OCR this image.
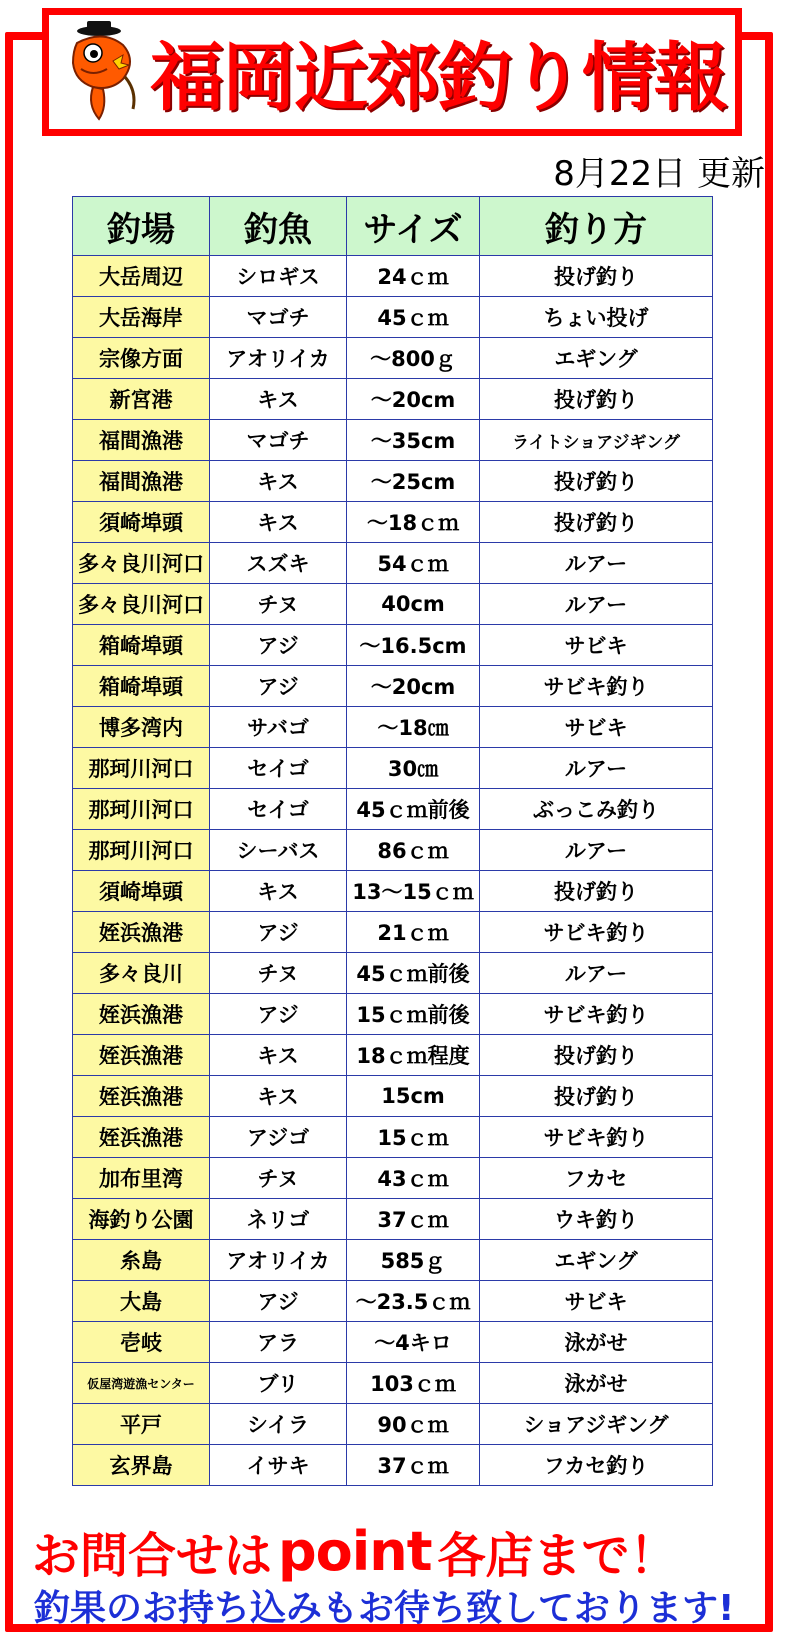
福岡近郊釣り情報
8月22日 更新
釣場	釣魚	サイズ	釣り方
大岳周辺	シロギス	24ｃｍ	投げ釣り
大岳海岸	マゴチ	45ｃｍ	ちょい投げ
宗像方面	アオリイカ	～800ｇ	エギング
新宮港	キス	～20cm	投げ釣り
福間漁港	マゴチ	～35cm	ライトショアジギング
福間漁港	キス	～25cm	投げ釣り
須崎埠頭	キス	～18ｃｍ	投げ釣り
多々良川河口	スズキ	54ｃｍ	ルアー
多々良川河口	チヌ	40cm	ルアー
箱崎埠頭	アジ	～16.5cm	サビキ
箱崎埠頭	アジ	～20cm	サビキ釣り
博多湾内	サバゴ	～18㎝	サビキ
那珂川河口	セイゴ	30㎝	ルアー
那珂川河口	セイゴ	45ｃｍ前後	ぶっこみ釣り
那珂川河口	シーバス	86ｃｍ	ルアー
須崎埠頭	キス	13～15ｃｍ	投げ釣り
姪浜漁港	アジ	21ｃｍ	サビキ釣り
多々良川	チヌ	45ｃｍ前後	ルアー
姪浜漁港	アジ	15ｃｍ前後	サビキ釣り
姪浜漁港	キス	18ｃｍ程度	投げ釣り
姪浜漁港	キス	15cm	投げ釣り
姪浜漁港	アジゴ	15ｃｍ	サビキ釣り
加布里湾	チヌ	43ｃｍ	フカセ
海釣り公園	ネリゴ	37ｃｍ	ウキ釣り
糸島	アオリイカ	585ｇ	エギング
大島	アジ	～23.5ｃｍ	サビキ
壱岐	アラ	～4キロ	泳がせ
仮屋湾遊漁センター	ブリ	103ｃｍ	泳がせ
平戸	シイラ	90ｃｍ	ショアジギング
玄界島	イサキ	37ｃｍ	フカセ釣り
お問合せは point 各店まで！
釣果のお持ち込みもお待ち致しております!
